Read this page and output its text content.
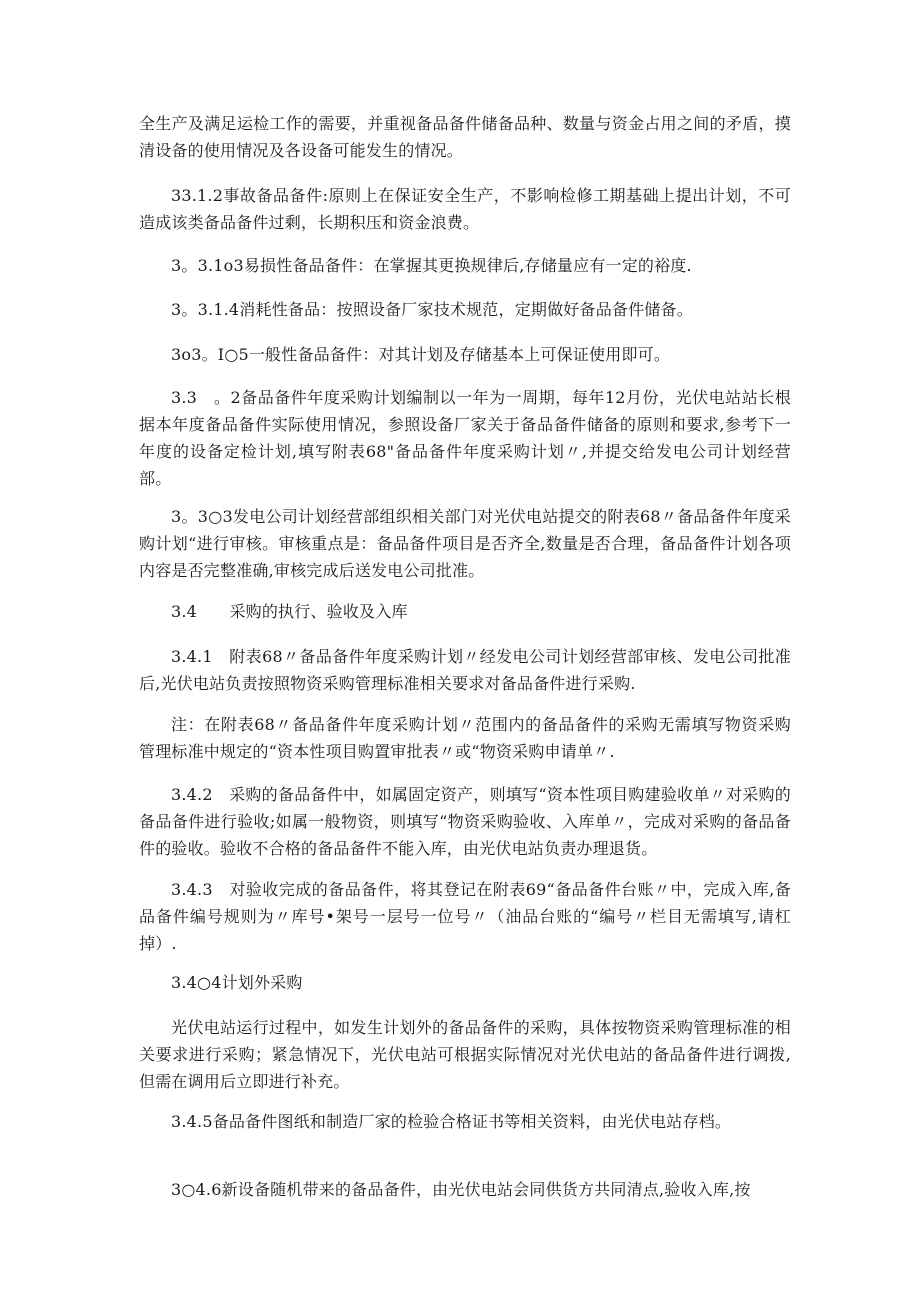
全生产及满足运检工作的需要，并重视备品备件储备品种、数量与资金占用之间的矛盾，摸清设备的使用情况及各设备可能发生的情况。

33.1.2事故备品备件:原则上在保证安全生产，不影响检修工期基础上提出计划，不可造成该类备品备件过剩，长期积压和资金浪费。

3。3.1o3易损性备品备件：在掌握其更换规律后,存储量应有一定的裕度.

3。3.1.4消耗性备品：按照设备厂家技术规范，定期做好备品备件储备。

3o3。I○5一般性备品备件：对其计划及存储基本上可保证使用即可。

3.3　。2备品备件年度采购计划编制以一年为一周期，每年12月份，光伏电站站长根据本年度备品备件实际使用情况，参照设备厂家关于备品备件储备的原则和要求,参考下一年度的设备定检计划,填写附表68"备品备件年度采购计划〃,并提交给发电公司计划经营部。

3。3○3发电公司计划经营部组织相关部门对光伏电站提交的附表68〃备品备件年度采购计划“进行审核。审核重点是：备品备件项目是否齐全,数量是否合理，备品备件计划各项内容是否完整准确,审核完成后送发电公司批准。

3.4　　采购的执行、验收及入库

3.4.1　附表68〃备品备件年度采购计划〃经发电公司计划经营部审核、发电公司批准后,光伏电站负责按照物资采购管理标准相关要求对备品备件进行采购.

注：在附表68〃备品备件年度采购计划〃范围内的备品备件的采购无需填写物资采购管理标准中规定的“资本性项目购置审批表〃或“物资采购申请单〃.

3.4.2　采购的备品备件中，如属固定资产，则填写“资本性项目购建验收单〃对采购的备品备件进行验收;如属一般物资，则填写“物资采购验收、入库单〃，完成对采购的备品备件的验收。验收不合格的备品备件不能入库，由光伏电站负责办理退货。

3.4.3　对验收完成的备品备件，将其登记在附表69“备品备件台账〃中，完成入库,备品备件编号规则为〃库号•架号一层号一位号〃（油品台账的“编号〃栏目无需填写,请杠掉）.

3.4○4计划外采购

光伏电站运行过程中，如发生计划外的备品备件的采购，具体按物资采购管理标准的相关要求进行采购；紧急情况下，光伏电站可根据实际情况对光伏电站的备品备件进行调拨,但需在调用后立即进行补充。

3.4.5备品备件图纸和制造厂家的检验合格证书等相关资料，由光伏电站存档。

3○4.6新设备随机带来的备品备件，由光伏电站会同供货方共同清点,验收入库,按
